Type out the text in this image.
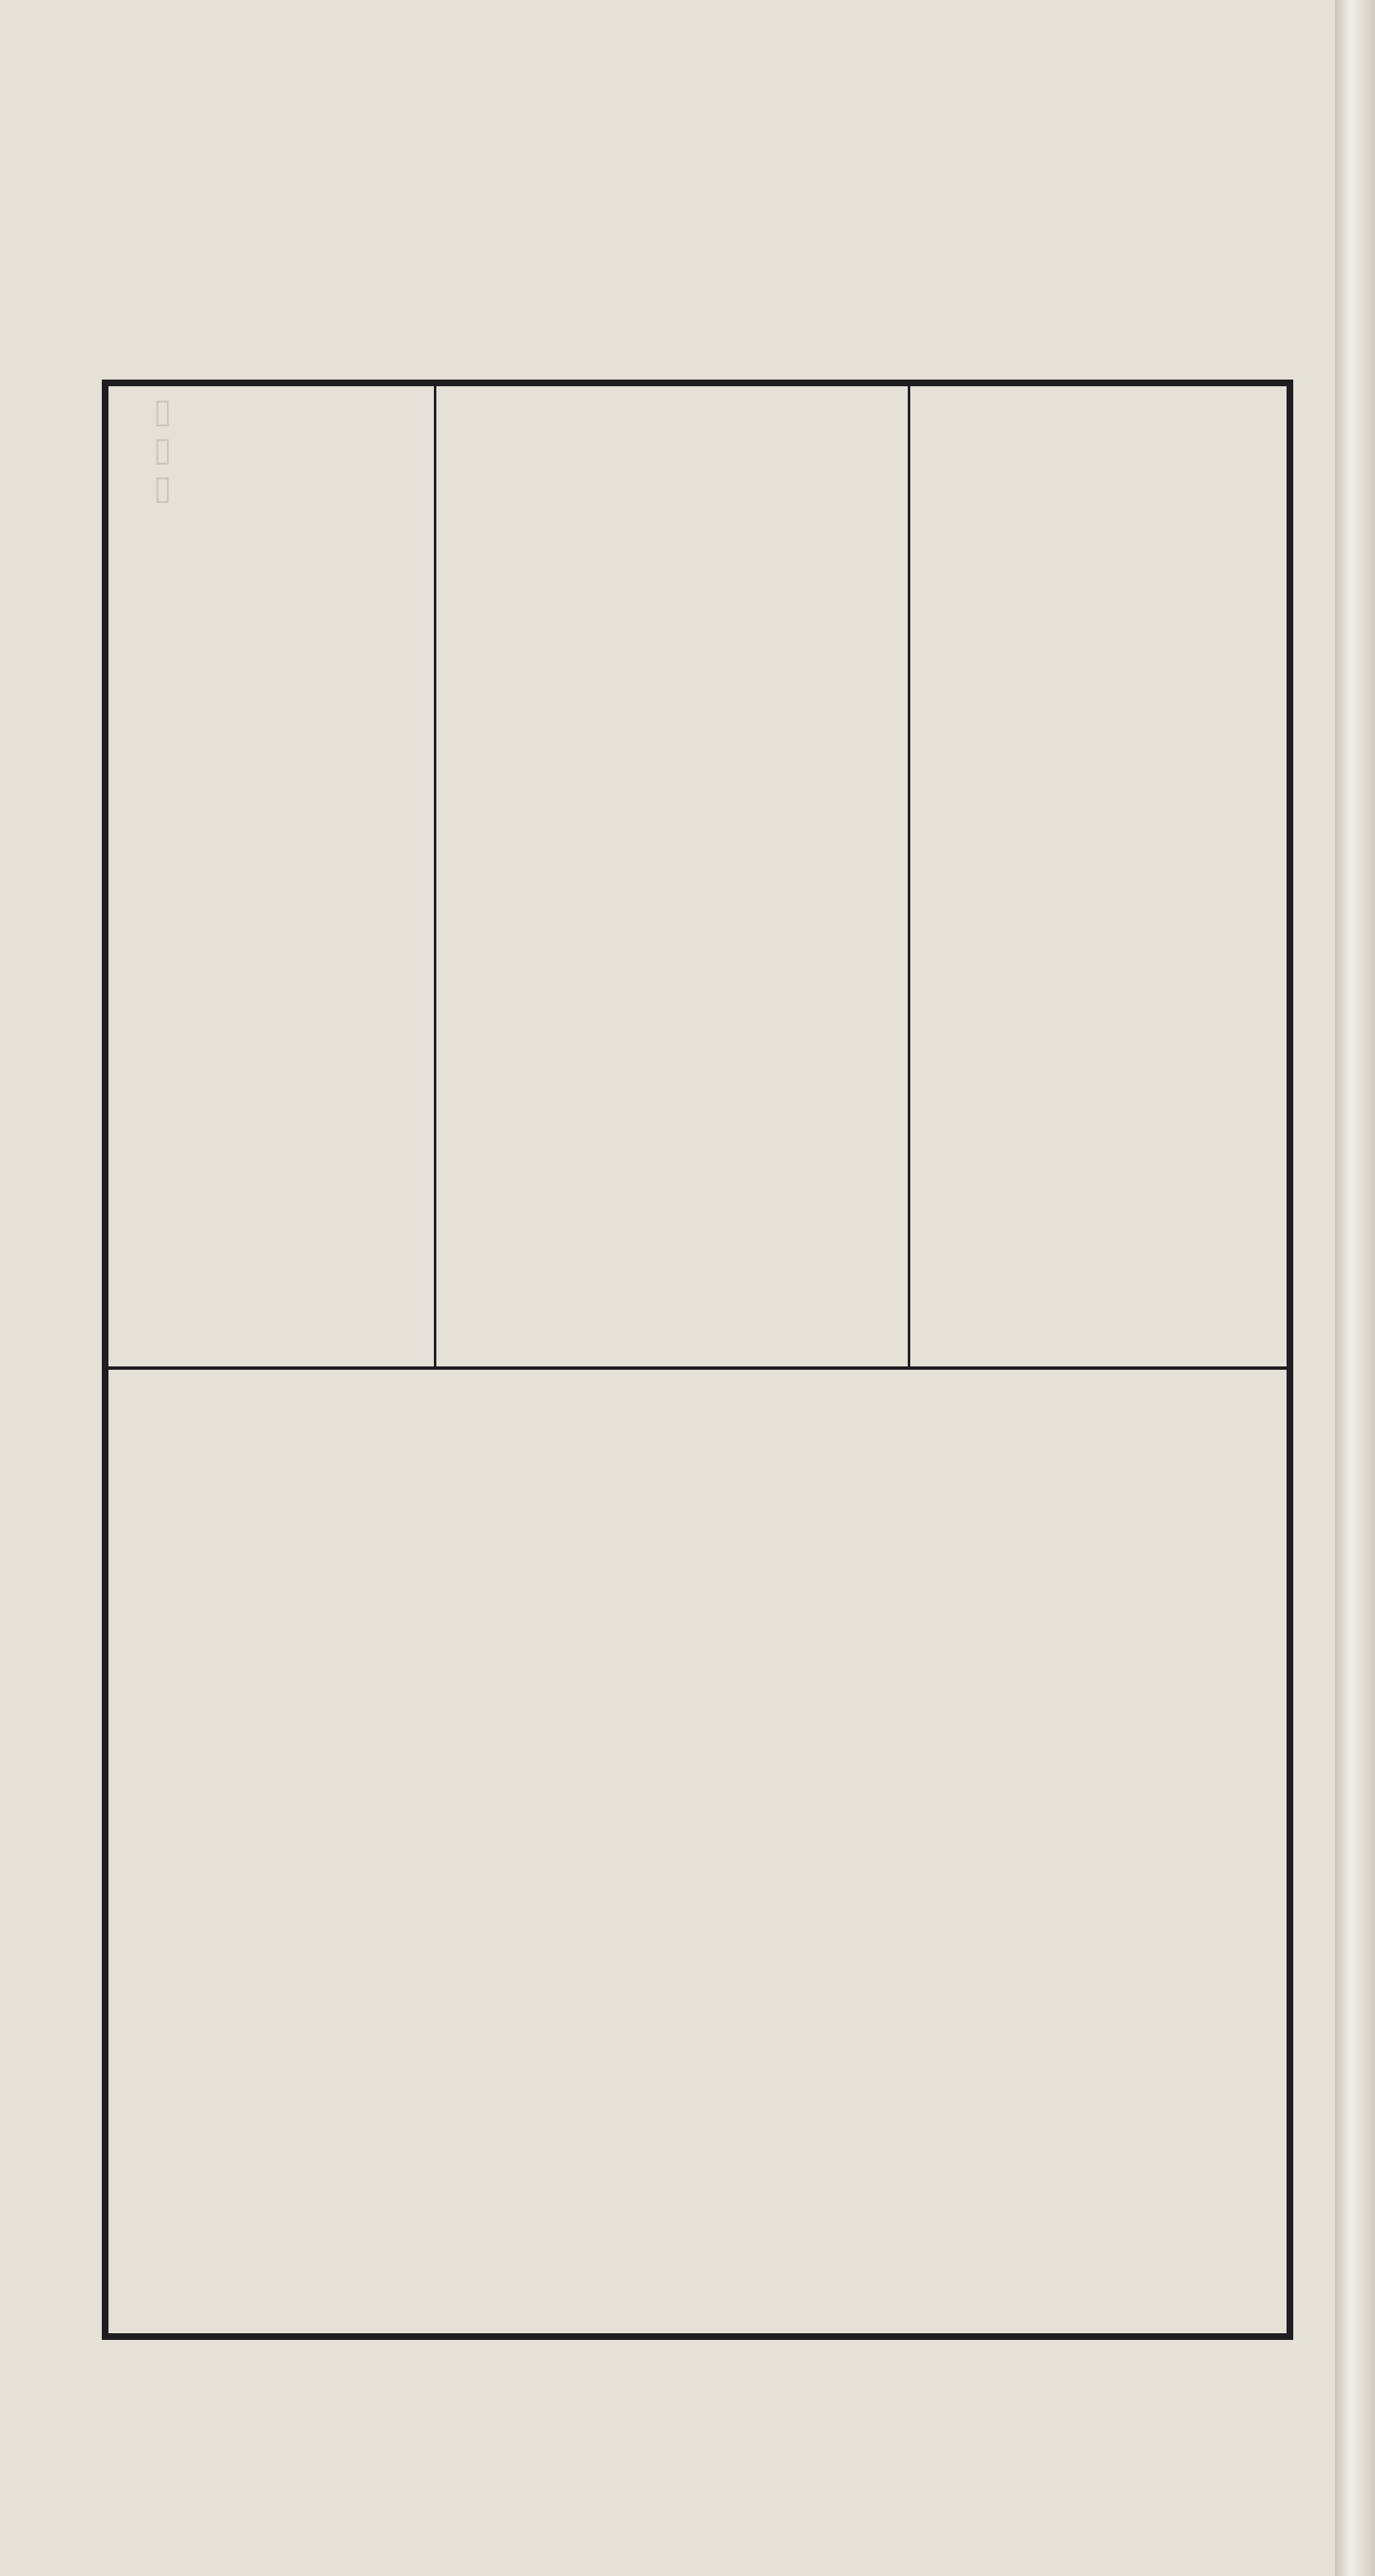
▯▯▯
